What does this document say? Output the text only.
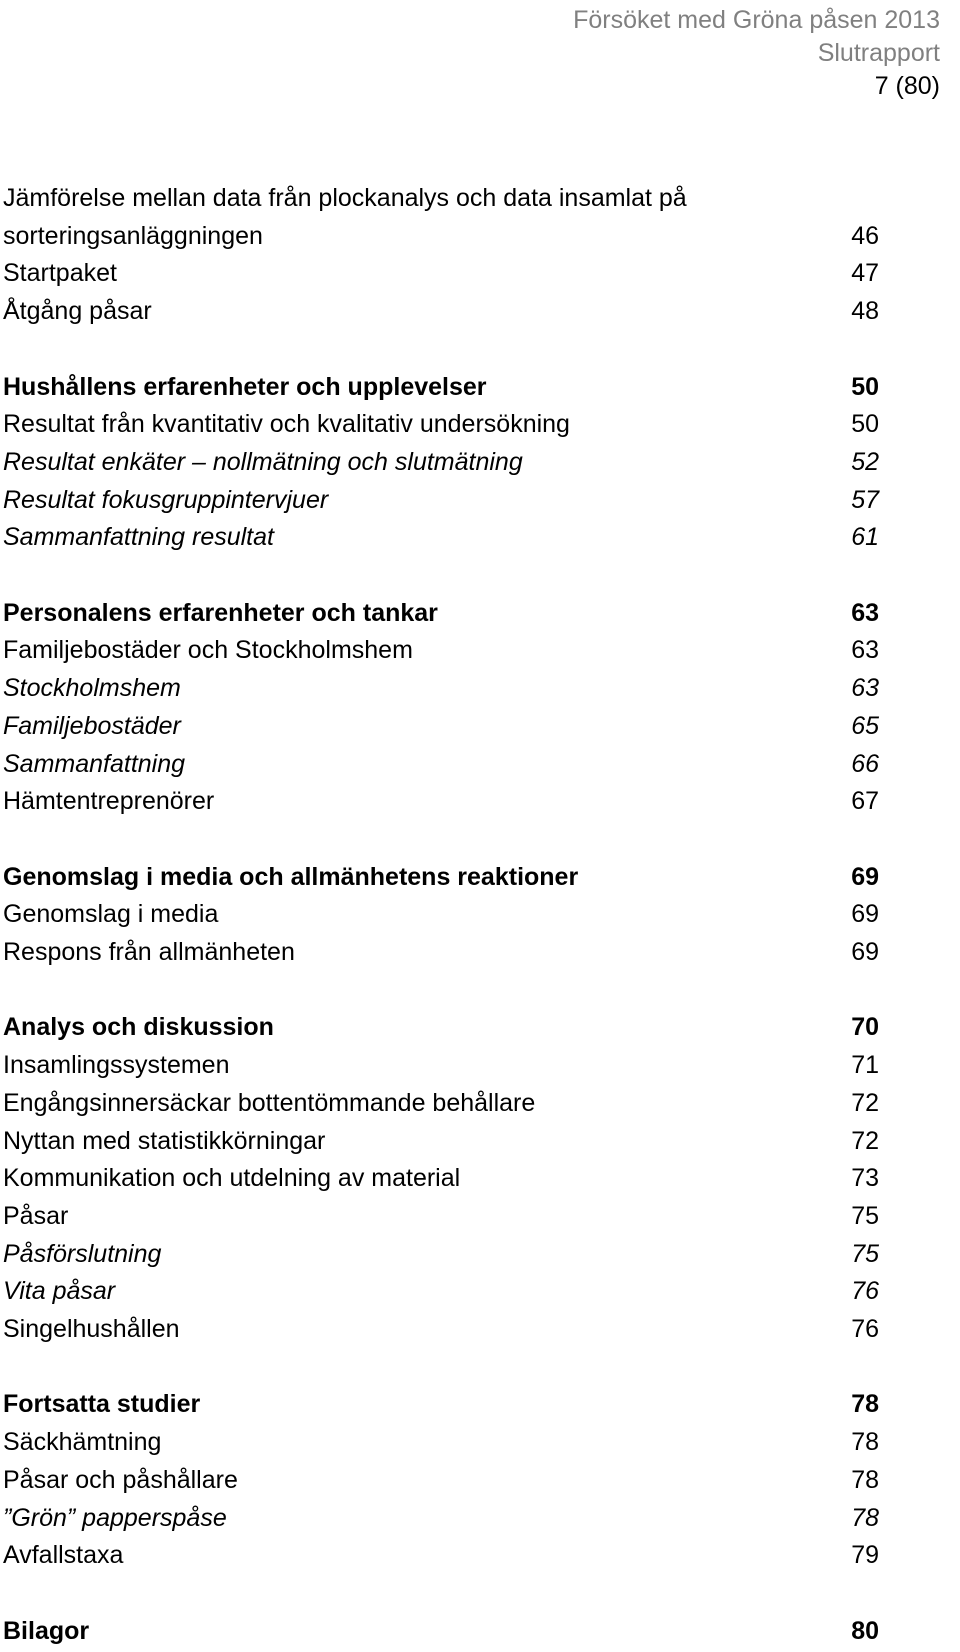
Försöket med Gröna påsen 2013
Slutrapport
7 (80)
Jämförelse mellan data från plockanalys och data insamlat på
sorteringsanläggningen	46
Startpaket	47
Åtgång påsar	48
Hushållens erfarenheter och upplevelser	50
Resultat från kvantitativ och kvalitativ undersökning	50
Resultat enkäter – nollmätning och slutmätning	52
Resultat fokusgruppintervjuer	57
Sammanfattning resultat	61
Personalens erfarenheter och tankar	63
Familjebostäder och Stockholmshem	63
Stockholmshem	63
Familjebostäder	65
Sammanfattning	66
Hämtentreprenörer	67
Genomslag i media och allmänhetens reaktioner	69
Genomslag i media	69
Respons från allmänheten	69
Analys och diskussion	70
Insamlingssystemen	71
Engångsinnersäckar bottentömmande behållare	72
Nyttan med statistikkörningar	72
Kommunikation och utdelning av material	73
Påsar	75
Påsförslutning	75
Vita påsar	76
Singelhushållen	76
Fortsatta studier	78
Säckhämtning	78
Påsar och påshållare	78
”Grön” papperspåse	78
Avfallstaxa	79
Bilagor	80
